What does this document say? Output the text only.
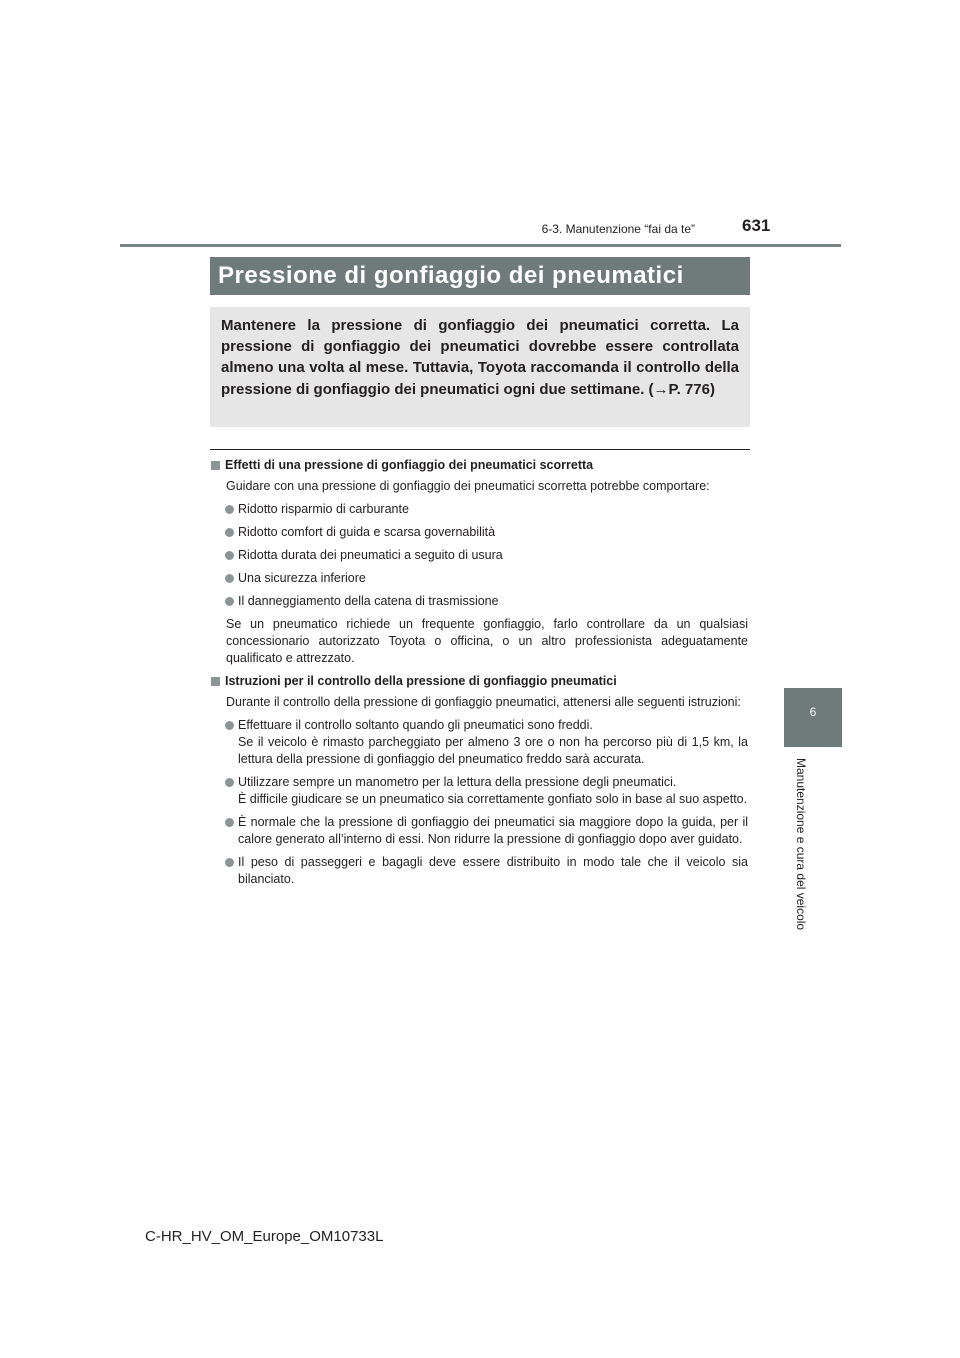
6-3. Manutenzione “fai da te”	631
Pressione di gonfiaggio dei pneumatici
Mantenere la pressione di gonfiaggio dei pneumatici corretta. La pressione di gonfiaggio dei pneumatici dovrebbe essere controllata almeno una volta al mese. Tuttavia, Toyota raccomanda il controllo della pressione di gonfiaggio dei pneumatici ogni due settimane. (→P. 776)
Effetti di una pressione di gonfiaggio dei pneumatici scorretta
Guidare con una pressione di gonfiaggio dei pneumatici scorretta potrebbe comportare:
Ridotto risparmio di carburante
Ridotto comfort di guida e scarsa governabilità
Ridotta durata dei pneumatici a seguito di usura
Una sicurezza inferiore
Il danneggiamento della catena di trasmissione
Se un pneumatico richiede un frequente gonfiaggio, farlo controllare da un qualsiasi concessionario autorizzato Toyota o officina, o un altro professionista adeguatamente qualificato e attrezzato.
Istruzioni per il controllo della pressione di gonfiaggio pneumatici
Durante il controllo della pressione di gonfiaggio pneumatici, attenersi alle seguenti istruzioni:
Effettuare il controllo soltanto quando gli pneumatici sono freddi.
Se il veicolo è rimasto parcheggiato per almeno 3 ore o non ha percorso più di 1,5 km, la lettura della pressione di gonfiaggio del pneumatico freddo sarà accurata.
Utilizzare sempre un manometro per la lettura della pressione degli pneumatici.
È difficile giudicare se un pneumatico sia correttamente gonfiato solo in base al suo aspetto.
È normale che la pressione di gonfiaggio dei pneumatici sia maggiore dopo la guida, per il calore generato all’interno di essi. Non ridurre la pressione di gonfiaggio dopo aver guidato.
Il peso di passeggeri e bagagli deve essere distribuito in modo tale che il veicolo sia bilanciato.
6
Manutenzione e cura del veicolo
C-HR_HV_OM_Europe_OM10733L
